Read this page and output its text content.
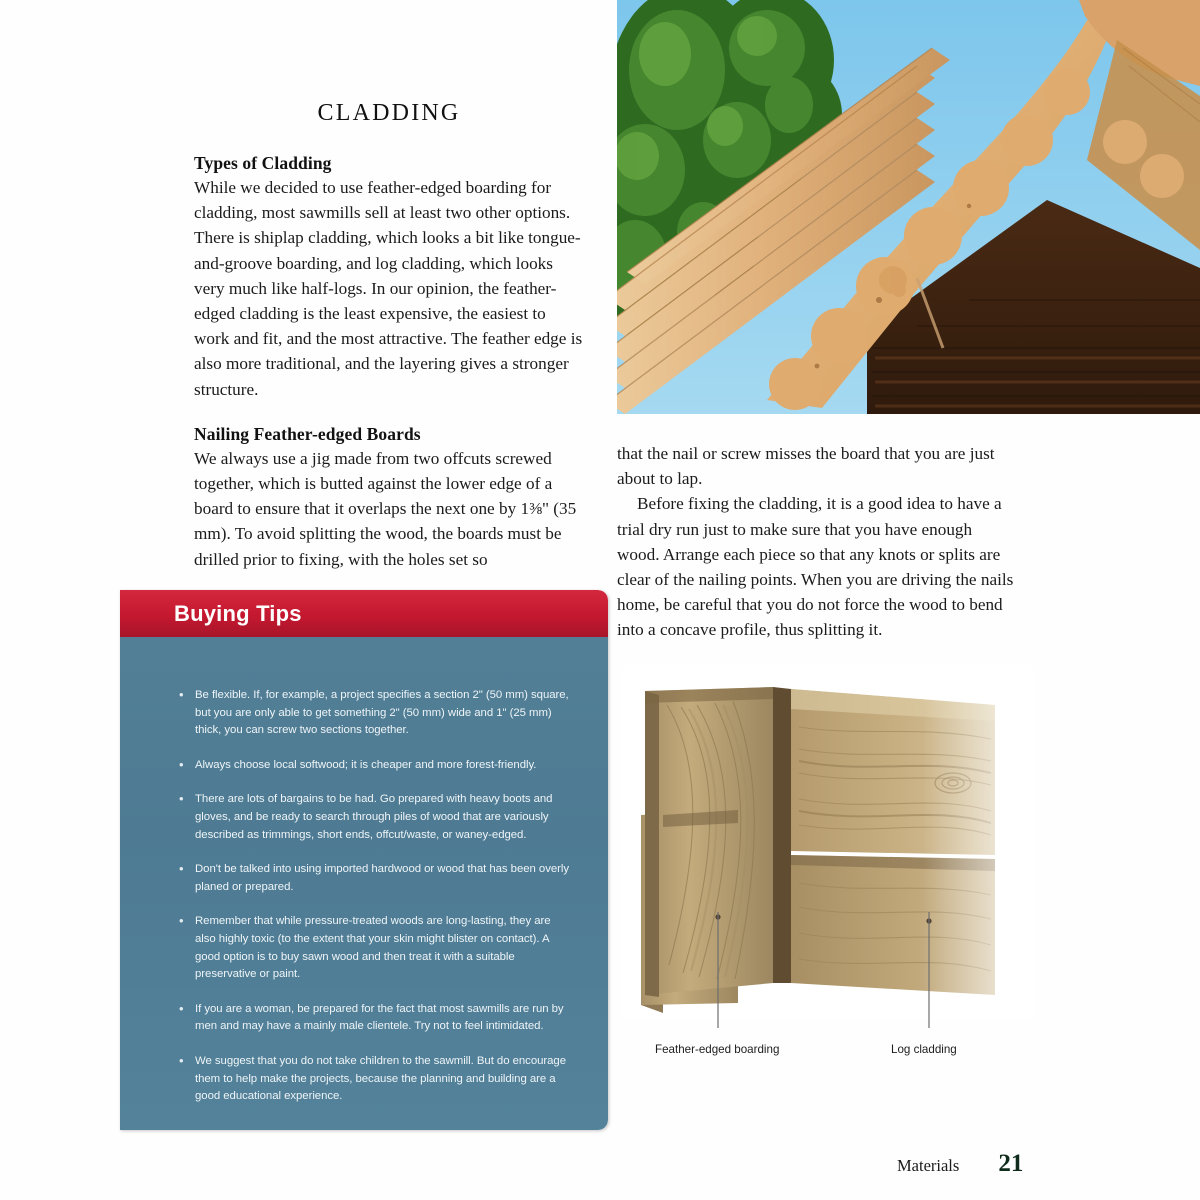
CLADDING
Types of Cladding

While we decided to use feather-edged boarding for cladding, most sawmills sell at least two other options. There is shiplap cladding, which looks a bit like tongue-and-groove boarding, and log cladding, which looks very much like half-logs. In our opinion, the feather-edged cladding is the least expensive, the easiest to work and fit, and the most attractive. The feather edge is also more traditional, and the layering gives a stronger structure.

Nailing Feather-edged Boards

We always use a jig made from two offcuts screwed together, which is butted against the lower edge of a board to ensure that it overlaps the next one by 1⅜" (35 mm). To avoid splitting the wood, the boards must be drilled prior to fixing, with the holes set so

that the nail or screw misses the board that you are just about to lap.

Before fixing the cladding, it is a good idea to have a trial dry run just to make sure that you have enough wood. Arrange each piece so that any knots or splits are clear of the nailing points. When you are driving the nails home, be careful that you do not force the wood to bend into a concave profile, thus splitting it.

Buying Tips

• Be flexible. If, for example, a project specifies a section 2" (50 mm) square, but you are only able to get something 2" (50 mm) wide and 1" (25 mm) thick, you can screw two sections together.

• Always choose local softwood; it is cheaper and more forest-friendly.

• There are lots of bargains to be had. Go prepared with heavy boots and gloves, and be ready to search through piles of wood that are variously described as trimmings, short ends, offcut/waste, or waney-edged.

• Don't be talked into using imported hardwood or wood that has been overly planed or prepared.

• Remember that while pressure-treated woods are long-lasting, they are also highly toxic (to the extent that your skin might blister on contact). A good option is to buy sawn wood and then treat it with a suitable preservative or paint.

• If you are a woman, be prepared for the fact that most sawmills are run by men and may have a mainly male clientele. Try not to feel intimidated.

• We suggest that you do not take children to the sawmill. But do encourage them to help make the projects, because the planning and building are a good educational experience.

Feather-edged boarding	Log cladding
Materials 21
